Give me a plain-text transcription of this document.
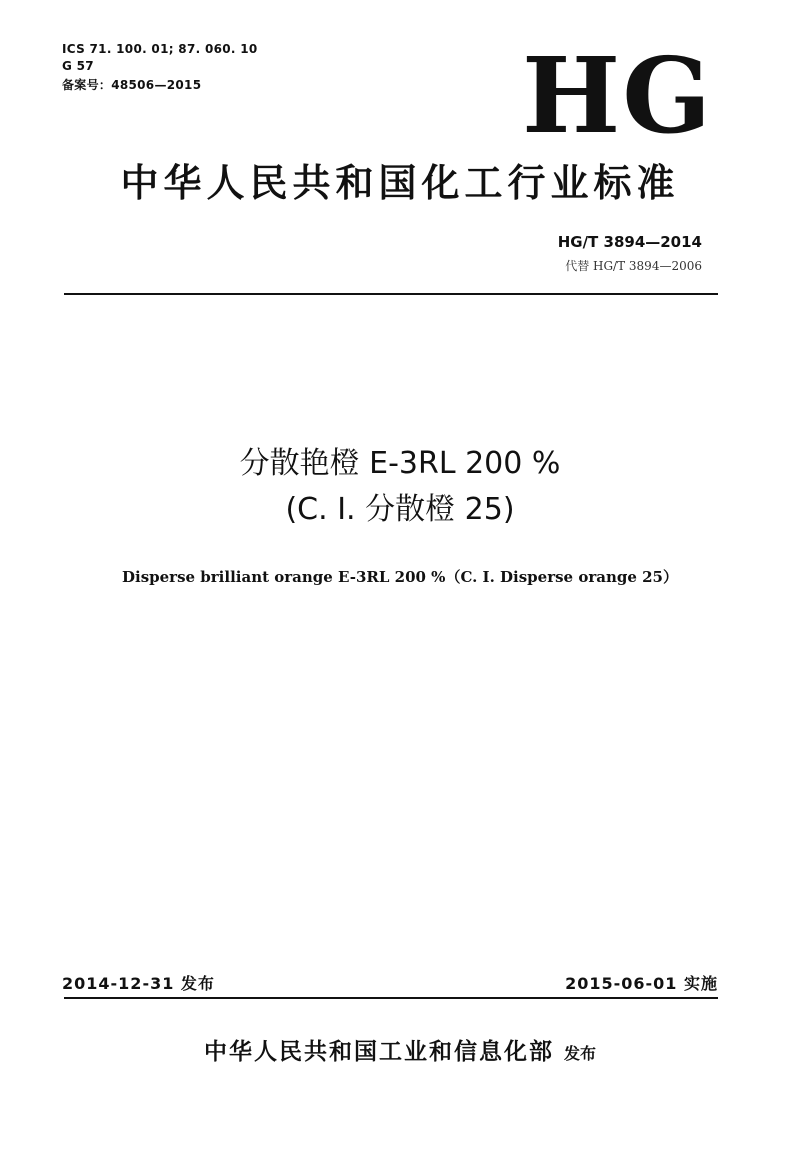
ICS 71. 100. 01; 87. 060. 10
G 57
备案号：48506—2015	HG
中华人民共和国化工行业标准
HG/T 3894—2014
代替 HG/T 3894—2006
分散艳橙 E-3RL 200 %
(C. I. 分散橙 25)
Disperse brilliant orange E-3RL 200 %（C. I. Disperse orange 25）
2014-12-31 发布	2015-06-01 实施
中华人民共和国工业和信息化部 发布
